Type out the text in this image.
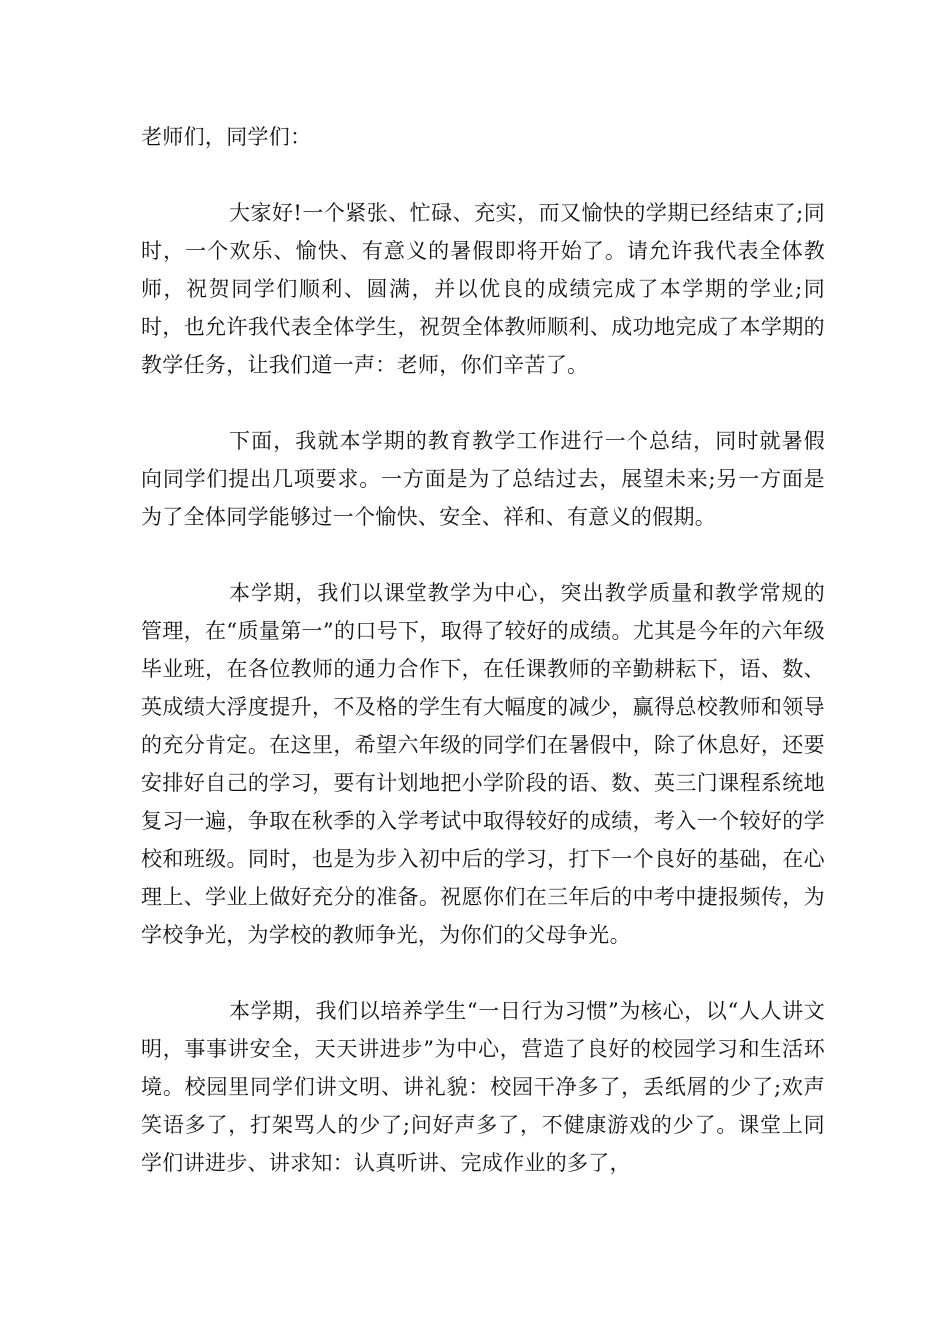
老师们，同学们：

大家好!一个紧张、忙碌、充实，而又愉快的学期已经结束了;同时，一个欢乐、愉快、有意义的暑假即将开始了。请允许我代表全体教师，祝贺同学们顺利、圆满，并以优良的成绩完成了本学期的学业;同时，也允许我代表全体学生，祝贺全体教师顺利、成功地完成了本学期的教学任务，让我们道一声：老师，你们辛苦了。

下面，我就本学期的教育教学工作进行一个总结，同时就暑假向同学们提出几项要求。一方面是为了总结过去，展望未来;另一方面是为了全体同学能够过一个愉快、安全、祥和、有意义的假期。

本学期，我们以课堂教学为中心，突出教学质量和教学常规的管理，在“质量第一”的口号下，取得了较好的成绩。尤其是今年的六年级毕业班，在各位教师的通力合作下，在任课教师的辛勤耕耘下，语、数、英成绩大浮度提升，不及格的学生有大幅度的减少，赢得总校教师和领导的充分肯定。在这里，希望六年级的同学们在暑假中，除了休息好，还要安排好自己的学习，要有计划地把小学阶段的语、数、英三门课程系统地复习一遍，争取在秋季的入学考试中取得较好的成绩，考入一个较好的学校和班级。同时，也是为步入初中后的学习，打下一个良好的基础，在心理上、学业上做好充分的准备。祝愿你们在三年后的中考中捷报频传，为学校争光，为学校的教师争光，为你们的父母争光。

本学期，我们以培养学生“一日行为习惯”为核心，以“人人讲文明，事事讲安全，天天讲进步”为中心，营造了良好的校园学习和生活环境。校园里同学们讲文明、讲礼貌：校园干净多了，丢纸屑的少了;欢声笑语多了，打架骂人的少了;问好声多了，不健康游戏的少了。课堂上同学们讲进步、讲求知：认真听讲、完成作业的多了，
